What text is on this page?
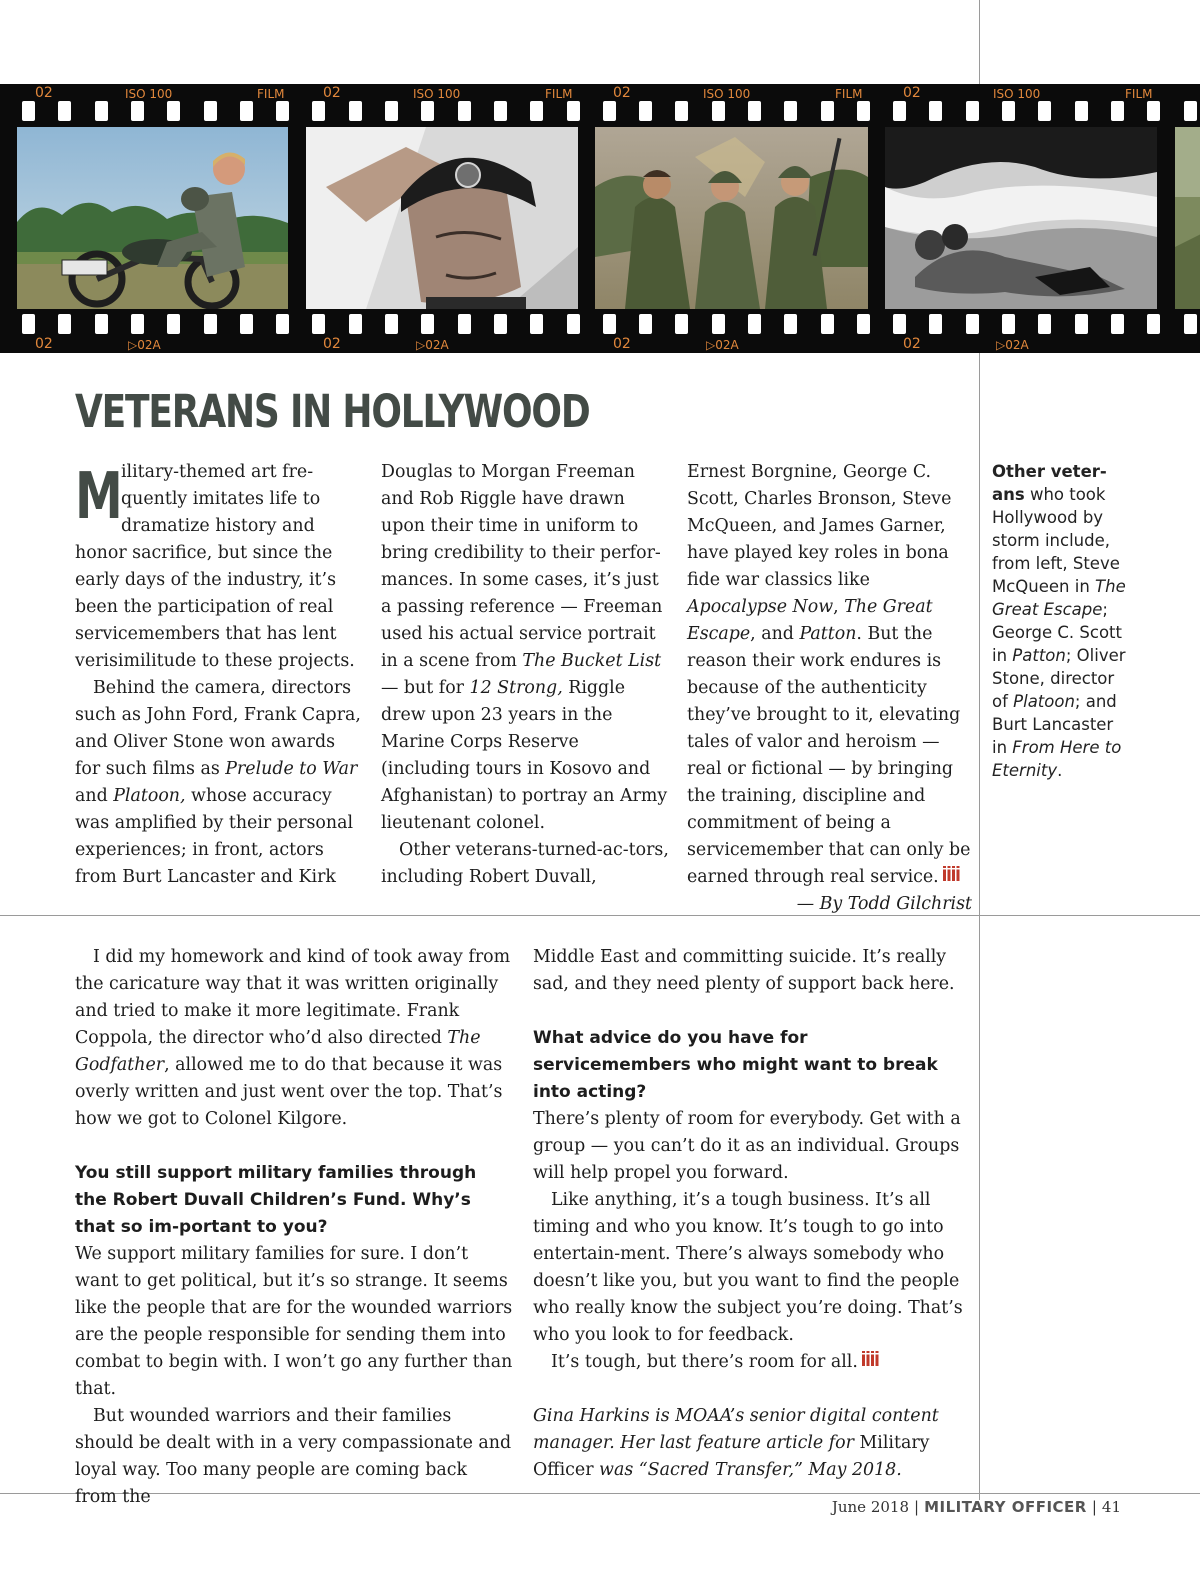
02	ISO 100	FILM	02	ISO 100	FILM	02	ISO 100	FILM	02	ISO 100	FILM
02	▷02A	02	▷02A	02	▷02A	02	▷02A
VETERANS IN HOLLYWOOD
M

ilitary-themed art fre-
quently imitates life to
dramatize history and honor sacrifice, but since the early days of the industry, it’s been the participation of real servicemembers that has lent verisimilitude to these projects.

Behind the camera, directors such as John Ford, Frank Capra, and Oliver Stone won awards for such films as Prelude to War and Platoon, whose accuracy was amplified by their personal experiences; in front, actors from Burt Lancaster and Kirk

Douglas to Morgan Freeman and Rob Riggle have drawn upon their time in uniform to bring credibility to their perfor-mances. In some cases, it’s just a passing reference — Freeman used his actual service portrait in a scene from The Bucket List — but for 12 Strong, Riggle drew upon 23 years in the Marine Corps Reserve (including tours in Kosovo and Afghanistan) to portray an Army lieutenant colonel.

Other veterans-turned-ac-tors, including Robert Duvall,

Ernest Borgnine, George C. Scott, Charles Bronson, Steve McQueen, and James Garner, have played key roles in bona fide war classics like Apocalypse Now, The Great Escape, and Patton. But the reason their work endures is because of the authenticity they’ve brought to it, elevating tales of valor and heroism — real or fictional — by bringing the training, discipline and commitment of being a servicemember that can only be earned through real service.

— By Todd Gilchrist

Other veter-

ans who took

Hollywood by

storm include,

from left, Steve

McQueen in The

Great Escape;

George C. Scott

in Patton; Oliver

Stone, director

of Platoon; and

Burt Lancaster

in From Here to

Eternity.

I did my homework and kind of took away from the caricature way that it was written originally and tried to make it more legitimate. Frank Coppola, the director who’d also directed The Godfather, allowed me to do that because it was overly written and just went over the top. That’s how we got to Colonel Kilgore.

You still support military families through the Robert Duvall Children’s Fund. Why’s that so im-portant to you?

We support military families for sure. I don’t want to get political, but it’s so strange. It seems like the people that are for the wounded warriors are the people responsible for sending them into combat to begin with. I won’t go any further than that.

But wounded warriors and their families should be dealt with in a very compassionate and loyal way. Too many people are coming back from the

Middle East and committing suicide. It’s really sad, and they need plenty of support back here.

What advice do you have for servicemembers who might want to break into acting?

There’s plenty of room for everybody. Get with a group — you can’t do it as an individual. Groups will help propel you forward.

Like anything, it’s a tough business. It’s all timing and who you know. It’s tough to go into entertain-ment. There’s always somebody who doesn’t like you, but you want to find the people who really know the subject you’re doing. That’s who you look to for feedback.

It’s tough, but there’s room for all.

Gina Harkins is MOAA’s senior digital content manager. Her last feature article for Military Officer was “Sacred Transfer,” May 2018.

June 2018 | MILITARY OFFICER | 41
